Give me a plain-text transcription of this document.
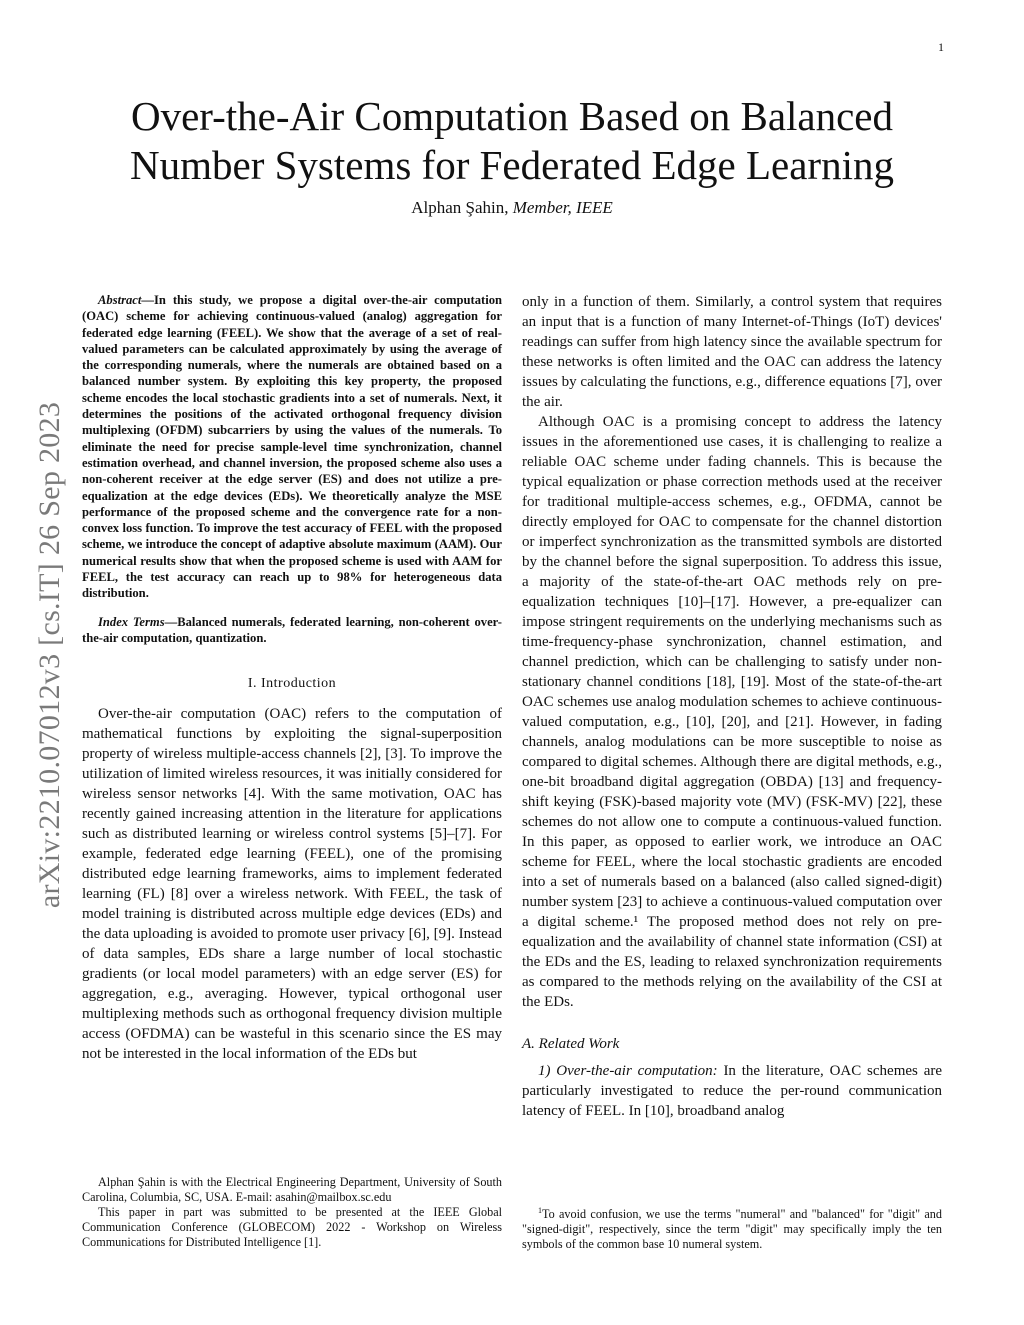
1
arXiv:2210.07012v3 [cs.IT] 26 Sep 2023
Over-the-Air Computation Based on Balanced
Number Systems for Federated Edge Learning
Alphan Şahin, Member, IEEE

Abstract—In this study, we propose a digital over-the-air computation (OAC) scheme for achieving continuous-valued (analog) aggregation for federated edge learning (FEEL). We show that the average of a set of real-valued parameters can be calculated approximately by using the average of the corresponding numerals, where the numerals are obtained based on a balanced number system. By exploiting this key property, the proposed scheme encodes the local stochastic gradients into a set of numerals. Next, it determines the positions of the activated orthogonal frequency division multiplexing (OFDM) subcarriers by using the values of the numerals. To eliminate the need for precise sample-level time synchronization, channel estimation overhead, and channel inversion, the proposed scheme also uses a non-coherent receiver at the edge server (ES) and does not utilize a pre-equalization at the edge devices (EDs). We theoretically analyze the MSE performance of the proposed scheme and the convergence rate for a non-convex loss function. To improve the test accuracy of FEEL with the proposed scheme, we introduce the concept of adaptive absolute maximum (AAM). Our numerical results show that when the proposed scheme is used with AAM for FEEL, the test accuracy can reach up to 98% for heterogeneous data distribution.

Index Terms—Balanced numerals, federated learning, non-coherent over-the-air computation, quantization.

I. Introduction

Over-the-air computation (OAC) refers to the computation of mathematical functions by exploiting the signal-superposition property of wireless multiple-access channels [2], [3]. To improve the utilization of limited wireless resources, it was initially considered for wireless sensor networks [4]. With the same motivation, OAC has recently gained increasing attention in the literature for applications such as distributed learning or wireless control systems [5]–[7]. For example, federated edge learning (FEEL), one of the promising distributed edge learning frameworks, aims to implement federated learning (FL) [8] over a wireless network. With FEEL, the task of model training is distributed across multiple edge devices (EDs) and the data uploading is avoided to promote user privacy [6], [9]. Instead of data samples, EDs share a large number of local stochastic gradients (or local model parameters) with an edge server (ES) for aggregation, e.g., averaging. However, typical orthogonal user multiplexing methods such as orthogonal frequency division multiple access (OFDMA) can be wasteful in this scenario since the ES may not be interested in the local information of the EDs but

only in a function of them. Similarly, a control system that requires an input that is a function of many Internet-of-Things (IoT) devices' readings can suffer from high latency since the available spectrum for these networks is often limited and the OAC can address the latency issues by calculating the functions, e.g., difference equations [7], over the air.

Although OAC is a promising concept to address the latency issues in the aforementioned use cases, it is challenging to realize a reliable OAC scheme under fading channels. This is because the typical equalization or phase correction methods used at the receiver for traditional multiple-access schemes, e.g., OFDMA, cannot be directly employed for OAC to compensate for the channel distortion or imperfect synchronization as the transmitted symbols are distorted by the channel before the signal superposition. To address this issue, a majority of the state-of-the-art OAC methods rely on pre-equalization techniques [10]–[17]. However, a pre-equalizer can impose stringent requirements on the underlying mechanisms such as time-frequency-phase synchronization, channel estimation, and channel prediction, which can be challenging to satisfy under non-stationary channel conditions [18], [19]. Most of the state-of-the-art OAC schemes use analog modulation schemes to achieve continuous-valued computation, e.g., [10], [20], and [21]. However, in fading channels, analog modulations can be more susceptible to noise as compared to digital schemes. Although there are digital methods, e.g., one-bit broadband digital aggregation (OBDA) [13] and frequency-shift keying (FSK)-based majority vote (MV) (FSK-MV) [22], these schemes do not allow one to compute a continuous-valued function. In this paper, as opposed to earlier work, we introduce an OAC scheme for FEEL, where the local stochastic gradients are encoded into a set of numerals based on a balanced (also called signed-digit) number system [23] to achieve a continuous-valued computation over a digital scheme.¹ The proposed method does not rely on pre-equalization and the availability of channel state information (CSI) at the EDs and the ES, leading to relaxed synchronization requirements as compared to the methods relying on the availability of the CSI at the EDs.

A. Related Work

1) Over-the-air computation: In the literature, OAC schemes are particularly investigated to reduce the per-round communication latency of FEEL. In [10], broadband analog

Alphan Şahin is with the Electrical Engineering Department, University of South Carolina, Columbia, SC, USA. E-mail: asahin@mailbox.sc.edu

This paper in part was submitted to be presented at the IEEE Global Communication Conference (GLOBECOM) 2022 - Workshop on Wireless Communications for Distributed Intelligence [1].

$^1$To avoid confusion, we use the terms "numeral" and "balanced" for "digit" and "signed-digit", respectively, since the term "digit" may specifically imply the ten symbols of the common base 10 numeral system.
